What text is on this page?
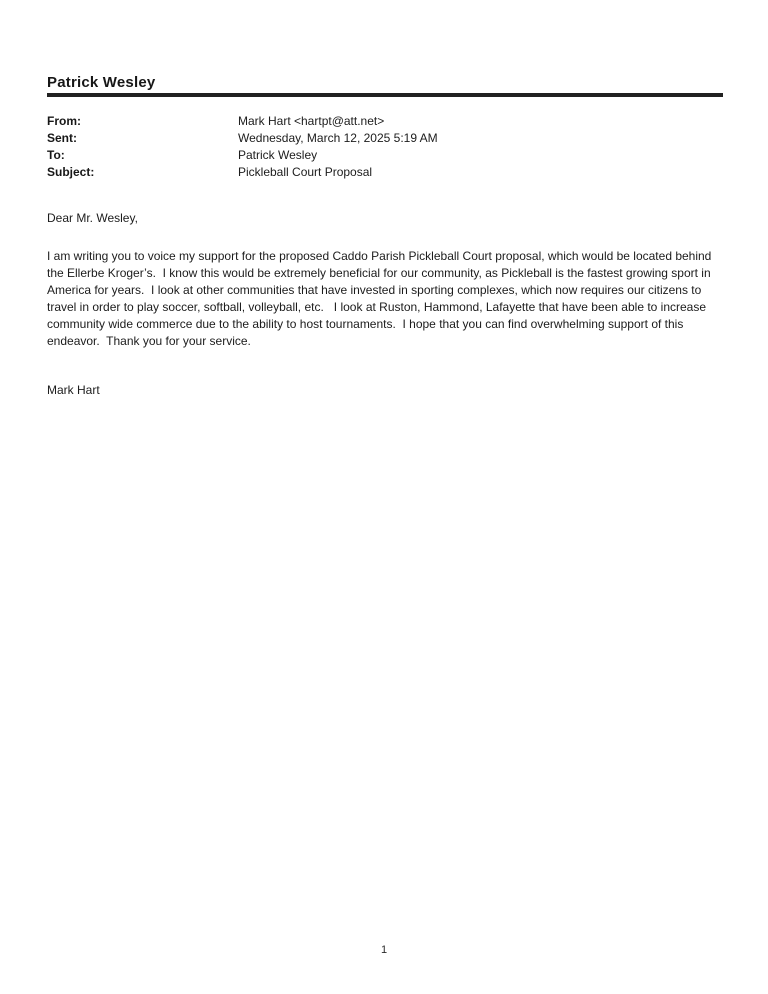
Patrick Wesley
From:	Mark Hart <hartpt@att.net>
Sent:	Wednesday, March 12, 2025 5:19 AM
To:	Patrick Wesley
Subject:	Pickleball Court Proposal
Dear Mr. Wesley,
I am writing you to voice my support for the proposed Caddo Parish Pickleball Court proposal, which would be located behind the Ellerbe Kroger’s.  I know this would be extremely beneficial for our community, as Pickleball is the fastest growing sport in America for years.  I look at other communities that have invested in sporting complexes, which now requires our citizens to travel in order to play soccer, softball, volleyball, etc.   I look at Ruston, Hammond, Lafayette that have been able to increase community wide commerce due to the ability to host tournaments.  I hope that you can find overwhelming support of this endeavor.  Thank you for your service.
Mark Hart
1
